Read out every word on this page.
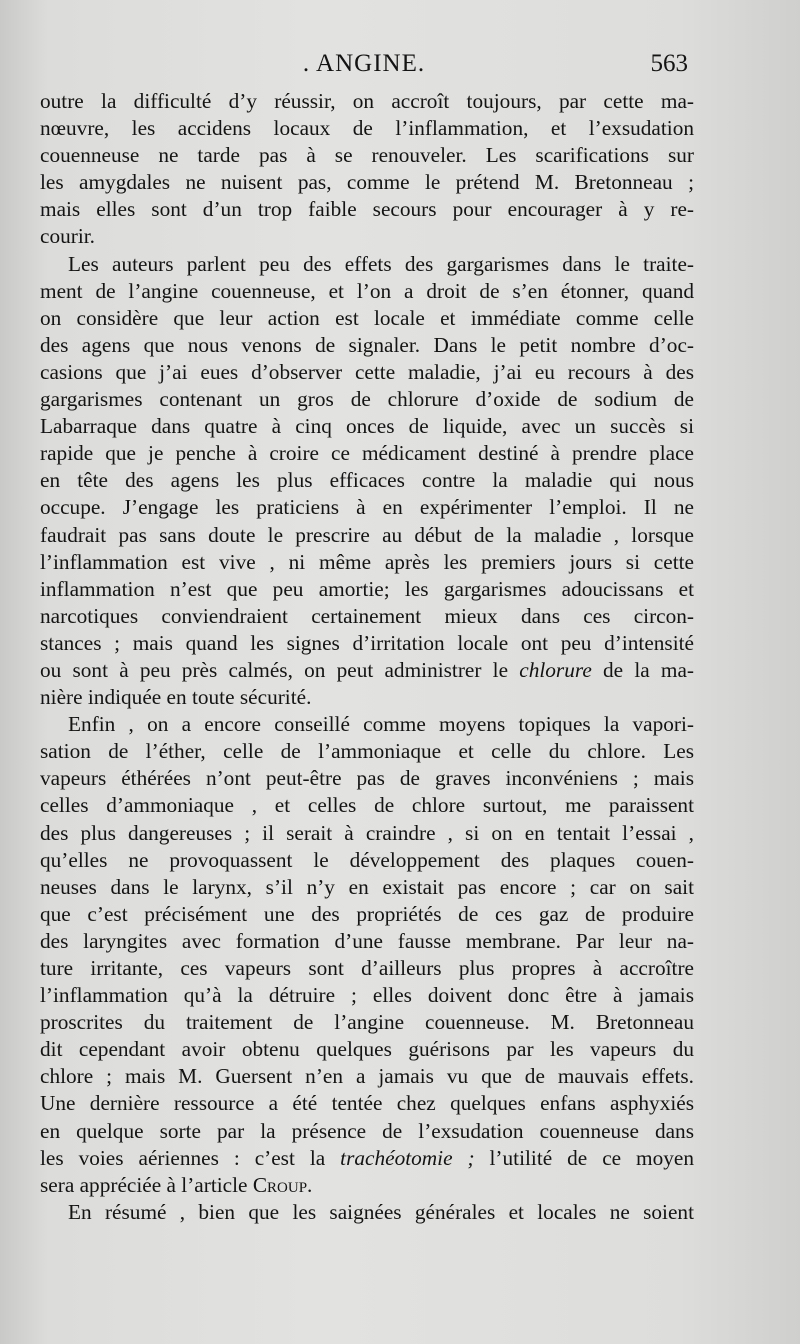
. ANGINE.	563
outre la difficulté d’y réussir, on accroît toujours, par cette ma-
nœuvre, les accidens locaux de l’inflammation, et l’exsudation
couenneuse ne tarde pas à se renouveler. Les scarifications sur
les amygdales ne nuisent pas, comme le prétend M. Bretonneau ;
mais elles sont d’un trop faible secours pour encourager à y re-
courir.
Les auteurs parlent peu des effets des gargarismes dans le traite-
ment de l’angine couenneuse, et l’on a droit de s’en étonner, quand
on considère que leur action est locale et immédiate comme celle
des agens que nous venons de signaler. Dans le petit nombre d’oc-
casions que j’ai eues d’observer cette maladie, j’ai eu recours à des
gargarismes contenant un gros de chlorure d’oxide de sodium de
Labarraque dans quatre à cinq onces de liquide, avec un succès si
rapide que je penche à croire ce médicament destiné à prendre place
en tête des agens les plus efficaces contre la maladie qui nous
occupe. J’engage les praticiens à en expérimenter l’emploi. Il ne
faudrait pas sans doute le prescrire au début de la maladie , lorsque
l’inflammation est vive , ni même après les premiers jours si cette
inflammation n’est que peu amortie; les gargarismes adoucissans et
narcotiques conviendraient certainement mieux dans ces circon-
stances ; mais quand les signes d’irritation locale ont peu d’intensité
ou sont à peu près calmés, on peut administrer le chlorure de la ma-
nière indiquée en toute sécurité.
Enfin , on a encore conseillé comme moyens topiques la vapori-
sation de l’éther, celle de l’ammoniaque et celle du chlore. Les
vapeurs éthérées n’ont peut-être pas de graves inconvéniens ; mais
celles d’ammoniaque , et celles de chlore surtout, me paraissent
des plus dangereuses ; il serait à craindre , si on en tentait l’essai ,
qu’elles ne provoquassent le développement des plaques couen-
neuses dans le larynx, s’il n’y en existait pas encore ; car on sait
que c’est précisément une des propriétés de ces gaz de produire
des laryngites avec formation d’une fausse membrane. Par leur na-
ture irritante, ces vapeurs sont d’ailleurs plus propres à accroître
l’inflammation qu’à la détruire ; elles doivent donc être à jamais
proscrites du traitement de l’angine couenneuse. M. Bretonneau
dit cependant avoir obtenu quelques guérisons par les vapeurs du
chlore ; mais M. Guersent n’en a jamais vu que de mauvais effets.
Une dernière ressource a été tentée chez quelques enfans asphyxiés
en quelque sorte par la présence de l’exsudation couenneuse dans
les voies aériennes : c’est la trachéotomie ; l’utilité de ce moyen
sera appréciée à l’article Croup.
En résumé , bien que les saignées générales et locales ne soient
